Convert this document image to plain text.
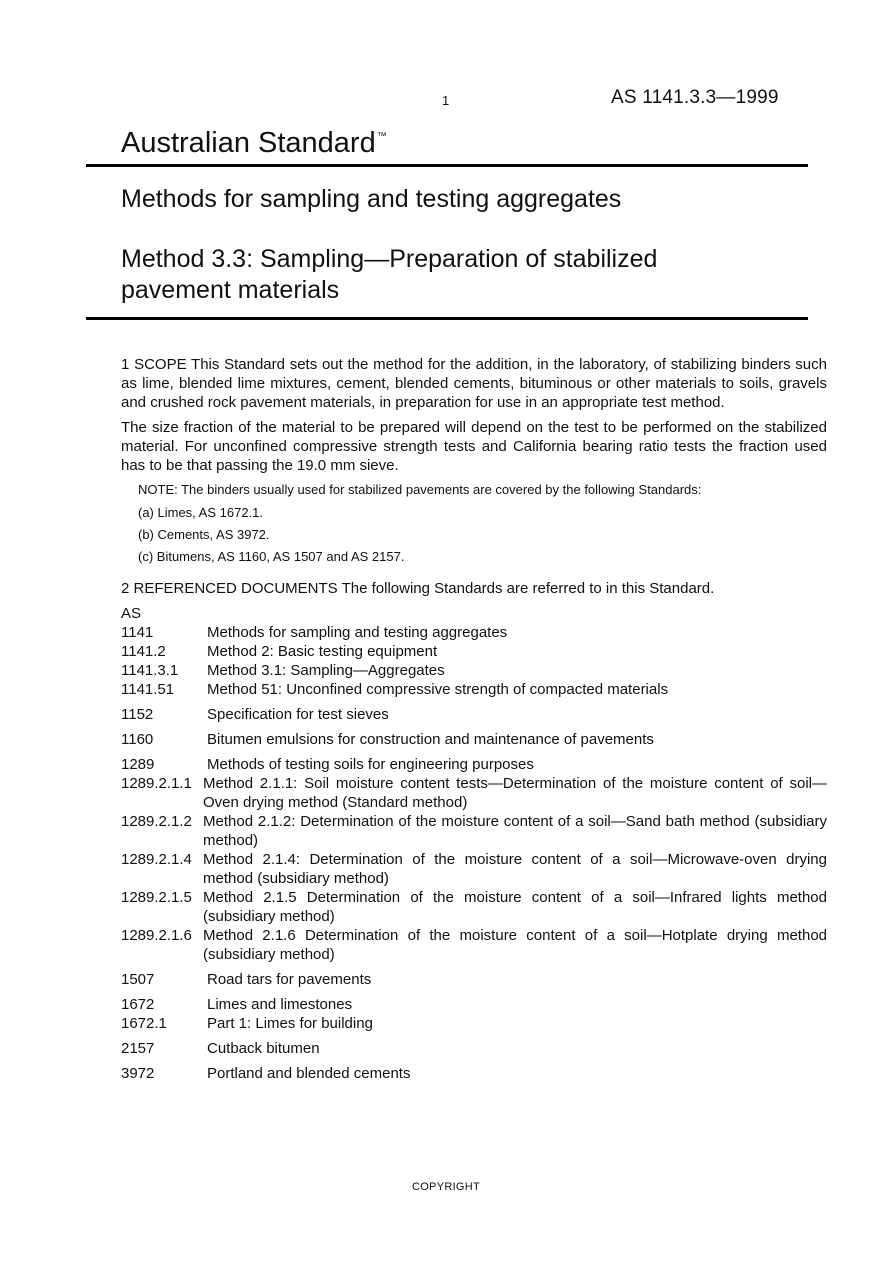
1	AS 1141.3.3—1999
Australian Standard™
Methods for sampling and testing aggregates
Method 3.3: Sampling—Preparation of stabilized pavement materials

1 SCOPE This Standard sets out the method for the addition, in the laboratory, of stabilizing binders such as lime, blended lime mixtures, cement, blended cements, bituminous or other materials to soils, gravels and crushed rock pavement materials, in preparation for use in an appropriate test method.

The size fraction of the material to be prepared will depend on the test to be performed on the stabilized material. For unconfined compressive strength tests and California bearing ratio tests the fraction used has to be that passing the 19.0 mm sieve.

NOTE: The binders usually used for stabilized pavements are covered by the following Standards:
(a) Limes, AS 1672.1.
(b) Cements, AS 3972.
(c) Bitumens, AS 1160, AS 1507 and AS 2157.

2 REFERENCED DOCUMENTS The following Standards are referred to in this Standard.

AS
1141	Methods for sampling and testing aggregates
1141.2	Method 2: Basic testing equipment
1141.3.1 Method 3.1: Sampling—Aggregates
1141.51 Method 51: Unconfined compressive strength of compacted materials
1152	Specification for test sieves
1160	Bitumen emulsions for construction and maintenance of pavements
1289	Methods of testing soils for engineering purposes
1289.2.1.1 Method 2.1.1: Soil moisture content tests—Determination of the moisture content of soil—Oven drying method (Standard method)
1289.2.1.2 Method 2.1.2: Determination of the moisture content of a soil—Sand bath method (subsidiary method)
1289.2.1.4 Method 2.1.4: Determination of the moisture content of a soil—Microwave-oven drying method (subsidiary method)
1289.2.1.5 Method 2.1.5 Determination of the moisture content of a soil—Infrared lights method (subsidiary method)
1289.2.1.6 Method 2.1.6 Determination of the moisture content of a soil—Hotplate drying method (subsidiary method)
1507	Road tars for pavements
1672	Limes and limestones
1672.1	Part 1: Limes for building
2157	Cutback bitumen
3972	Portland and blended cements
COPYRIGHT
